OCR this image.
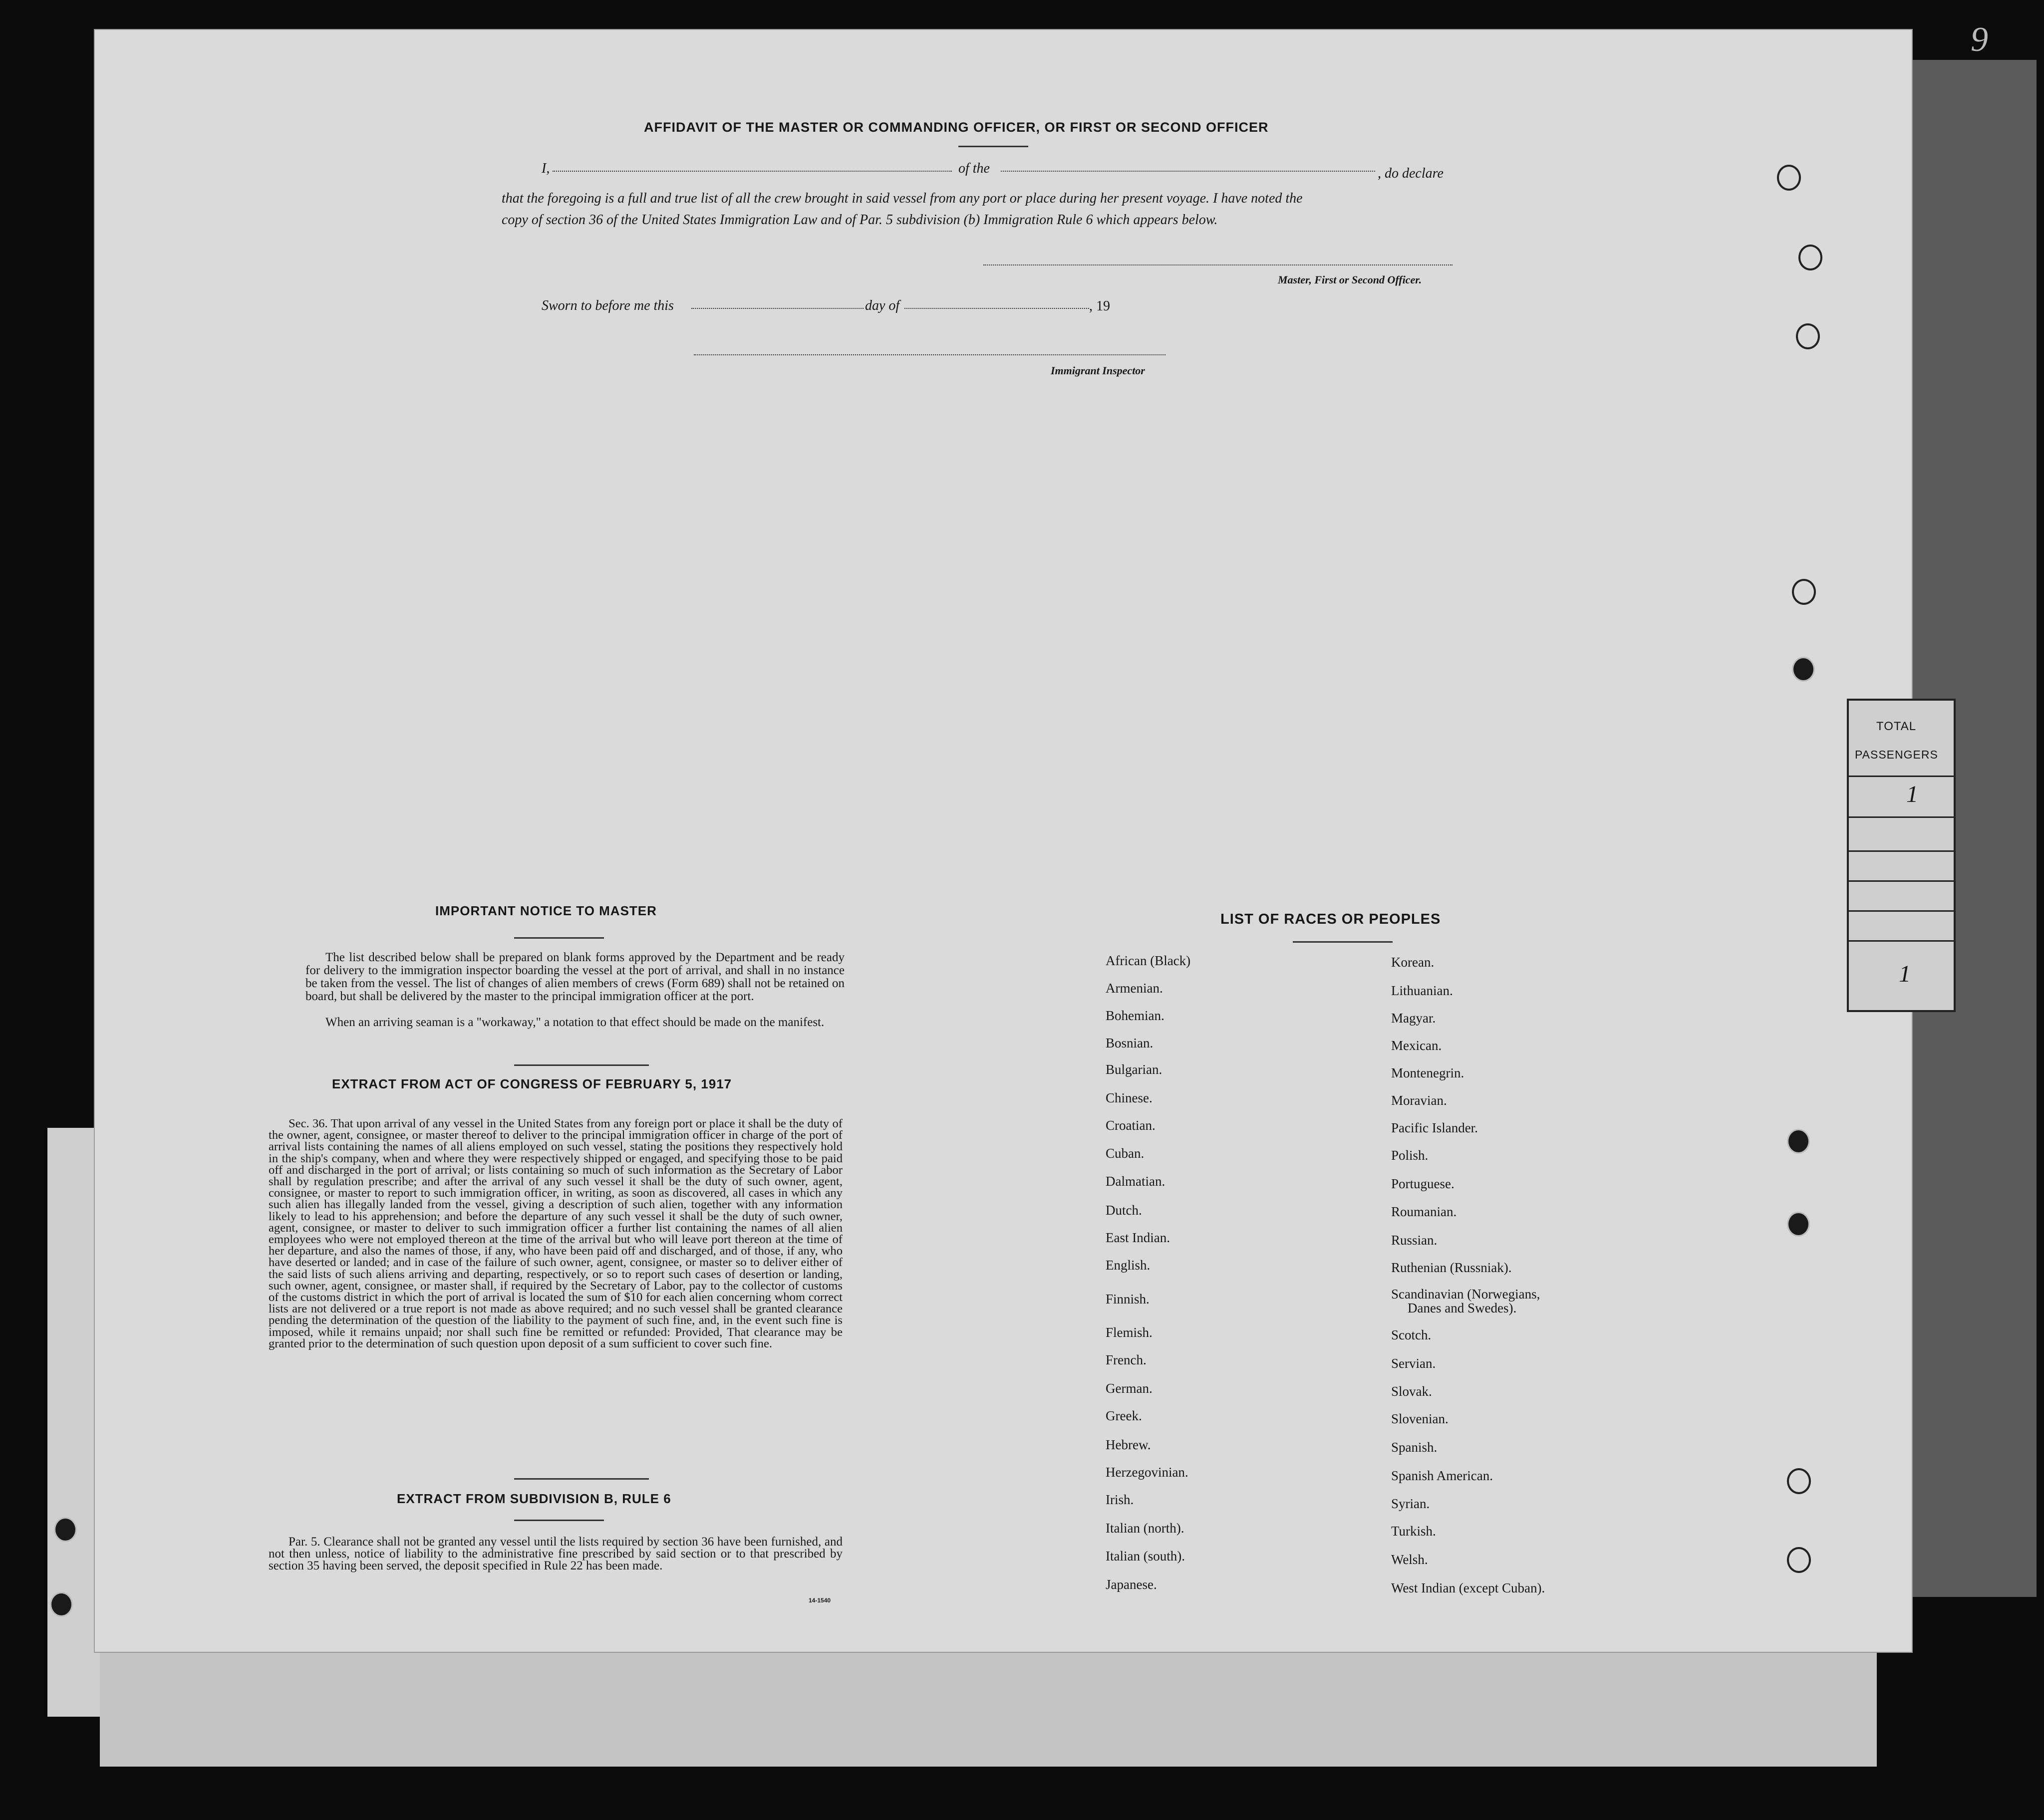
9
AFFIDAVIT OF THE MASTER OR COMMANDING OFFICER, OR FIRST OR SECOND OFFICER
I,	of the	, do declare
that the foregoing is a full and true list of all the crew brought in said vessel from any port or place during her present voyage. I have noted the
copy of section 36 of the United States Immigration Law and of Par. 5 subdivision (b) Immigration Rule 6 which appears below.
Master, First or Second Officer.
Sworn to before me this	day of	, 19
Immigrant Inspector
IMPORTANT NOTICE TO MASTER
The list described below shall be prepared on blank forms approved by the Department and be ready for delivery to the immigration inspector boarding the vessel at the port of arrival, and shall in no instance be taken from the vessel. The list of changes of alien members of crews (Form 689) shall not be retained on board, but shall be delivered by the master to the principal immigration officer at the port.
When an arriving seaman is a "workaway," a notation to that effect should be made on the manifest.
EXTRACT FROM ACT OF CONGRESS OF FEBRUARY 5, 1917
Sec. 36. That upon arrival of any vessel in the United States from any foreign port or place it shall be the duty of the owner, agent, consignee, or master thereof to deliver to the principal immigration officer in charge of the port of arrival lists containing the names of all aliens employed on such vessel, stating the positions they respectively hold in the ship's company, when and where they were respectively shipped or engaged, and specifying those to be paid off and discharged in the port of arrival; or lists containing so much of such information as the Secretary of Labor shall by regulation prescribe; and after the arrival of any such vessel it shall be the duty of such owner, agent, consignee, or master to report to such immigration officer, in writing, as soon as discovered, all cases in which any such alien has illegally landed from the vessel, giving a description of such alien, together with any information likely to lead to his apprehension; and before the departure of any such vessel it shall be the duty of such owner, agent, consignee, or master to deliver to such immigration officer a further list containing the names of all alien employees who were not employed thereon at the time of the arrival but who will leave port thereon at the time of her departure, and also the names of those, if any, who have been paid off and discharged, and of those, if any, who have deserted or landed; and in case of the failure of such owner, agent, consignee, or master so to deliver either of the said lists of such aliens arriving and departing, respectively, or so to report such cases of desertion or landing, such owner, agent, consignee, or master shall, if required by the Secretary of Labor, pay to the collector of customs of the customs district in which the port of arrival is located the sum of $10 for each alien concerning whom correct lists are not delivered or a true report is not made as above required; and no such vessel shall be granted clearance pending the determination of the question of the liability to the payment of such fine, and, in the event such fine is imposed, while it remains unpaid; nor shall such fine be remitted or refunded: Provided, That clearance may be granted prior to the determination of such question upon deposit of a sum sufficient to cover such fine.
EXTRACT FROM SUBDIVISION B, RULE 6
Par. 5. Clearance shall not be granted any vessel until the lists required by section 36 have been furnished, and not then unless, notice of liability to the administrative fine prescribed by said section or to that prescribed by section 35 having been served, the deposit specified in Rule 22 has been made.
14-1540
LIST OF RACES OR PEOPLES
African (Black)
Armenian.
Bohemian.
Bosnian.
Bulgarian.
Chinese.
Croatian.
Cuban.
Dalmatian.
Dutch.
East Indian.
English.
Finnish.
Flemish.
French.
German.
Greek.
Hebrew.
Herzegovinian.
Irish.
Italian (north).
Italian (south).
Japanese.
Korean.
Lithuanian.
Magyar.
Mexican.
Montenegrin.
Moravian.
Pacific Islander.
Polish.
Portuguese.
Roumanian.
Russian.
Ruthenian (Russniak).
Scandinavian (Norwegians,
Danes and Swedes).
Scotch.
Servian.
Slovak.
Slovenian.
Spanish.
Spanish American.
Syrian.
Turkish.
Welsh.
West Indian (except Cuban).
TOTAL
PASSENGERS
1
1
